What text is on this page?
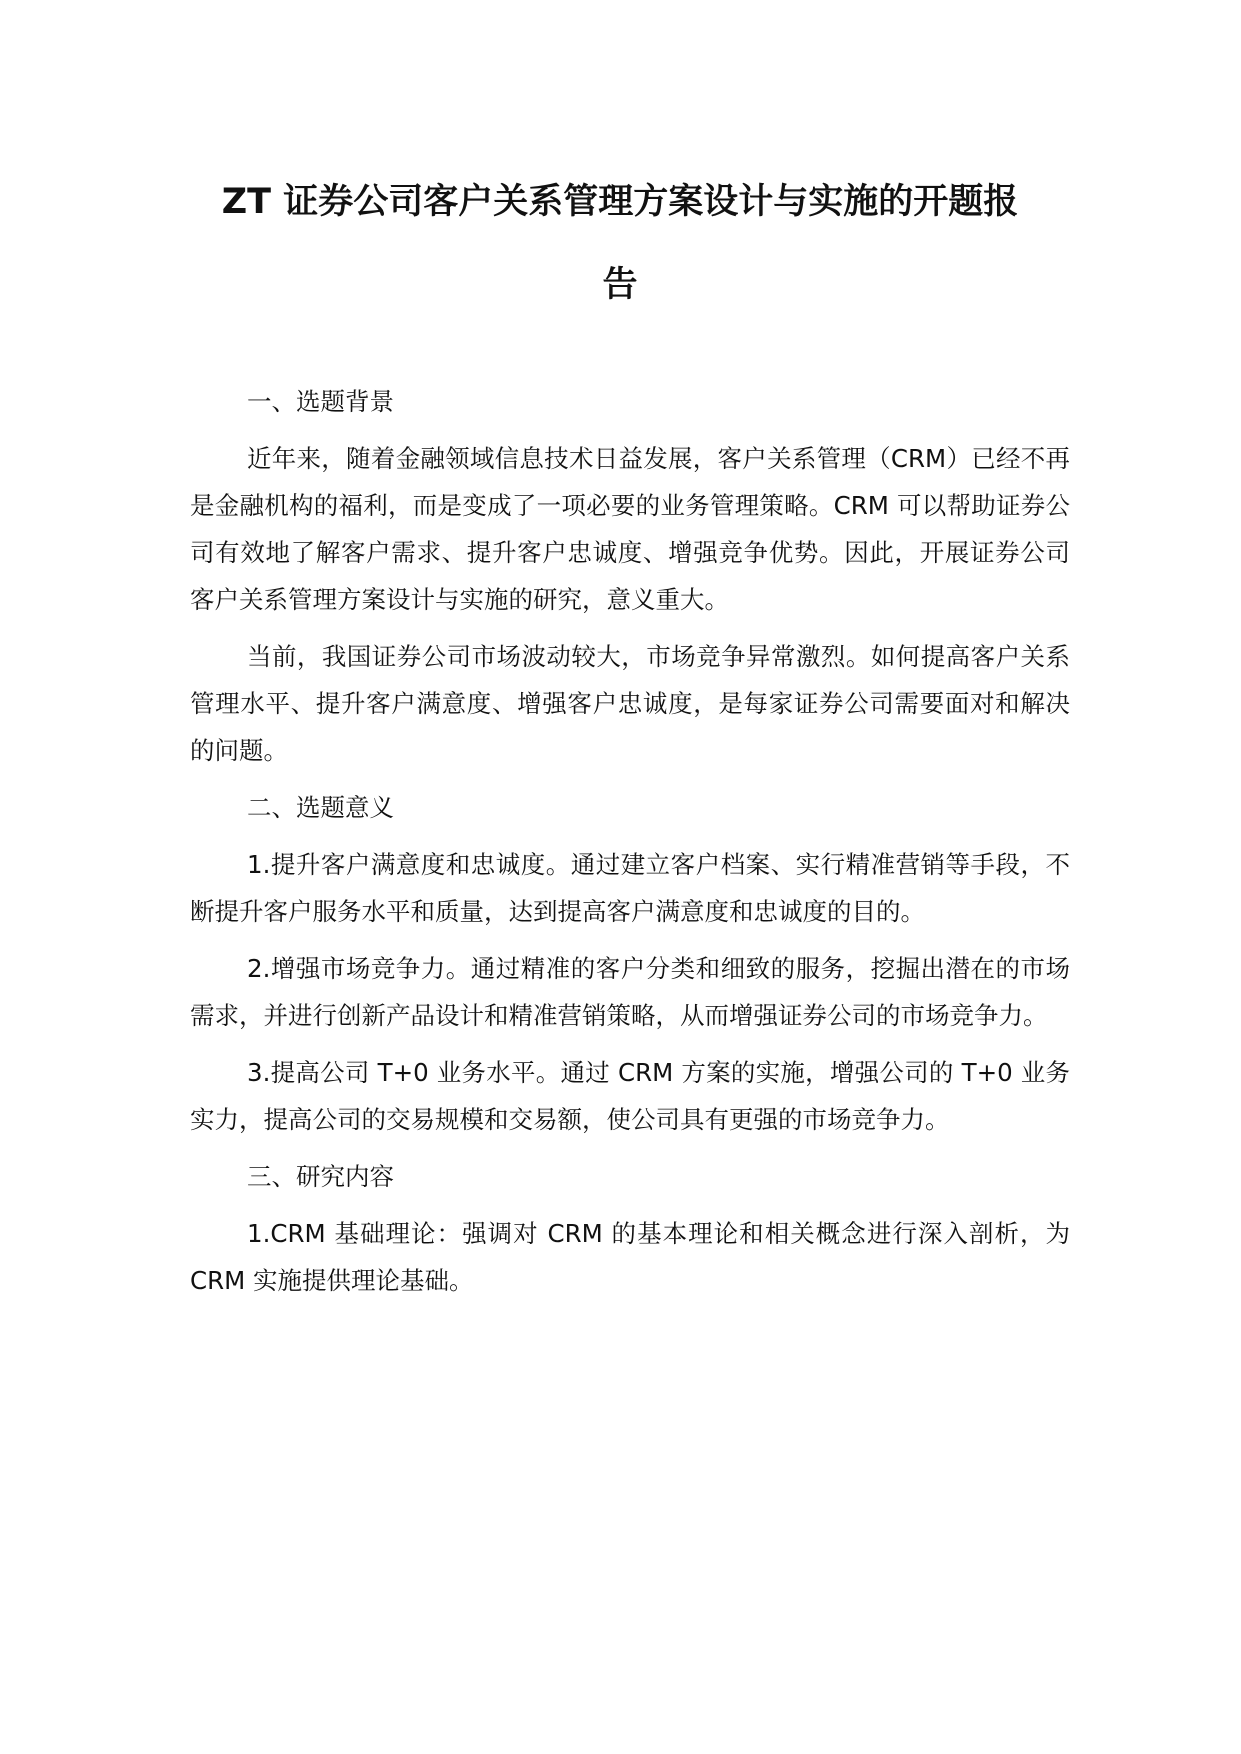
ZT 证券公司客户关系管理方案设计与实施的开题报
告
一、选题背景
近年来，随着金融领域信息技术日益发展，客户关系管理（CRM）已经不再是金融机构的福利，而是变成了一项必要的业务管理策略。CRM 可以帮助证券公司有效地了解客户需求、提升客户忠诚度、增强竞争优势。因此，开展证券公司客户关系管理方案设计与实施的研究，意义重大。
当前，我国证券公司市场波动较大，市场竞争异常激烈。如何提高客户关系管理水平、提升客户满意度、增强客户忠诚度，是每家证券公司需要面对和解决的问题。
二、选题意义
1.提升客户满意度和忠诚度。通过建立客户档案、实行精准营销等手段，不断提升客户服务水平和质量，达到提高客户满意度和忠诚度的目的。
2.增强市场竞争力。通过精准的客户分类和细致的服务，挖掘出潜在的市场需求，并进行创新产品设计和精准营销策略，从而增强证券公司的市场竞争力。
3.提高公司 T+0 业务水平。通过 CRM 方案的实施，增强公司的 T+0 业务实力，提高公司的交易规模和交易额，使公司具有更强的市场竞争力。
三、研究内容
1.CRM 基础理论：强调对 CRM 的基本理论和相关概念进行深入剖析，为 CRM 实施提供理论基础。
